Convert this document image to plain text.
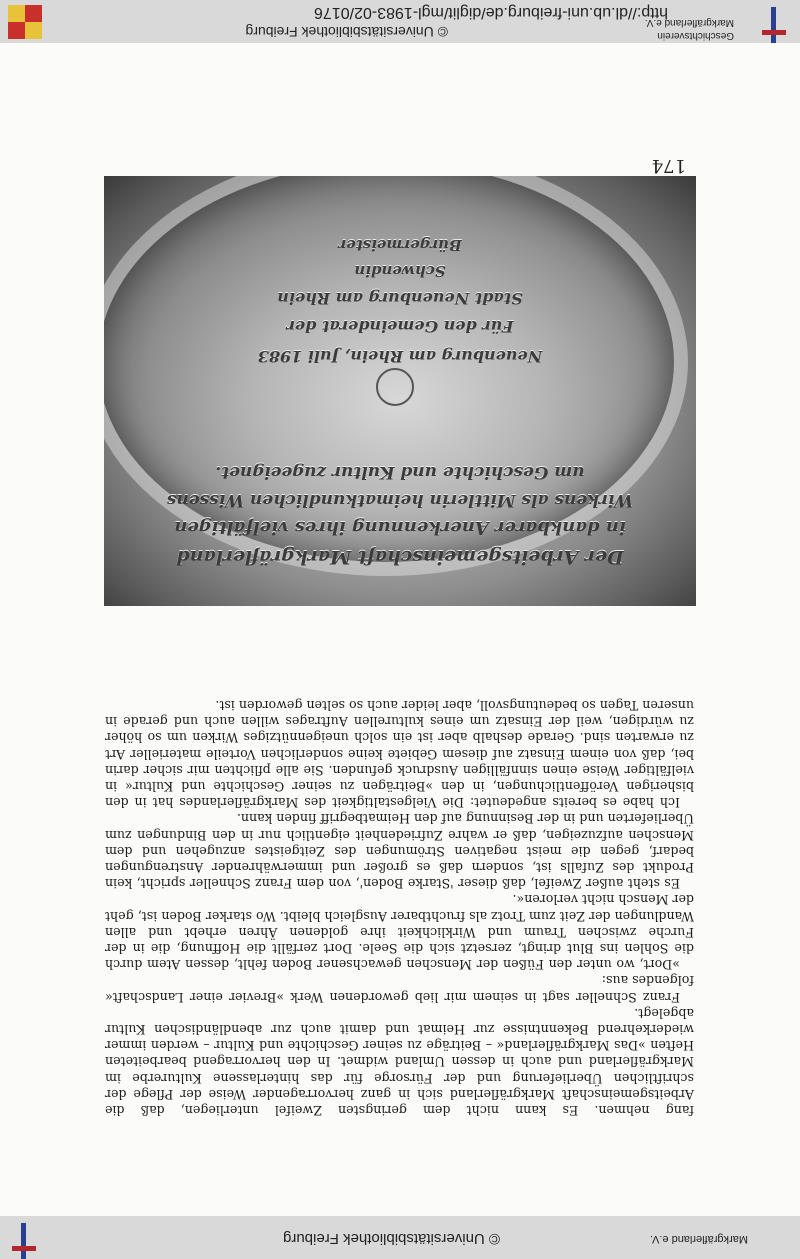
© Universitätsbibliothek Freiburg	Markgräflerland e.V.

fang nehmen. Es kann nicht dem geringsten Zweifel unterliegen, daß die Arbeitsgemeinschaft Markgräflerland sich in ganz hervorragender Weise der Pflege der schriftlichen Überlieferung und der Fürsorge für das hinterlassene Kulturerbe im Markgräflerland und auch in dessen Umland widmet. In den hervorragend bearbeiteten Heften »Das Markgräflerland« – Beiträge zu seiner Geschichte und Kultur – werden immer wiederkehrend Bekenntnisse zur Heimat und damit auch zur abendländischen Kultur abgelegt.

Franz Schneller sagt in seinem mir lieb gewordenen Werk »Brevier einer Landschaft« folgendes aus:

»Dort, wo unter den Füßen der Menschen gewachsener Boden fehlt, dessen Atem durch die Sohlen ins Blut dringt, zersetzt sich die Seele. Dort zerfällt die Hoffnung, die in der Furche zwischen Traum und Wirklichkeit ihre goldenen Ähren erhebt und allen Wandlungen der Zeit zum Trotz als fruchtbarer Ausgleich bleibt. Wo starker Boden ist, geht der Mensch nicht verloren«.

Es steht außer Zweifel, daß dieser 'Starke Boden', von dem Franz Schneller spricht, kein Produkt des Zufalls ist, sondern daß es großer und immerwährender Anstrengungen bedarf, gegen die meist negativen Strömungen des Zeitgeistes anzugehen und dem Menschen aufzuzeigen, daß er wahre Zufriedenheit eigentlich nur in den Bindungen zum Überlieferten und in der Besinnung auf den Heimatbegriff finden kann.

Ich habe es bereits angedeutet: Die Vielgestaltigkeit des Markgräflerlandes hat in den bisherigen Veröffentlichungen, in den »Beiträgen zu seiner Geschichte und Kultur« in vielfältiger Weise einen sinnfälligen Ausdruck gefunden. Sie alle pflichten mir sicher darin bei, daß von einem Einsatz auf diesem Gebiete keine sonderlichen Vorteile materieller Art zu erwarten sind. Gerade deshalb aber ist ein solch uneigennütziges Wirken um so höher zu würdigen, weil der Einsatz um eines kulturellen Auftrages willen auch und gerade in unseren Tagen so bedeutungsvoll, aber leider auch so selten geworden ist.

Der Arbeitsgemeinschaft Markgräflerland
in dankbarer Anerkennung ihres vielfältigen
Wirkens als Mittlerin heimatkundlichen Wissens
um Geschichte und Kultur zugeeignet.
Neuenburg am Rhein, Juli 1983
Für den Gemeinderat der
Stadt Neuenburg am Rhein
Schwendin
Bürgermeister
174
http://dl.ub.uni-freiburg.de/diglit/mgl-1983-02/0176
© Universitätsbibliothek Freiburg	Geschichtsverein
Markgräflerland e.V.
